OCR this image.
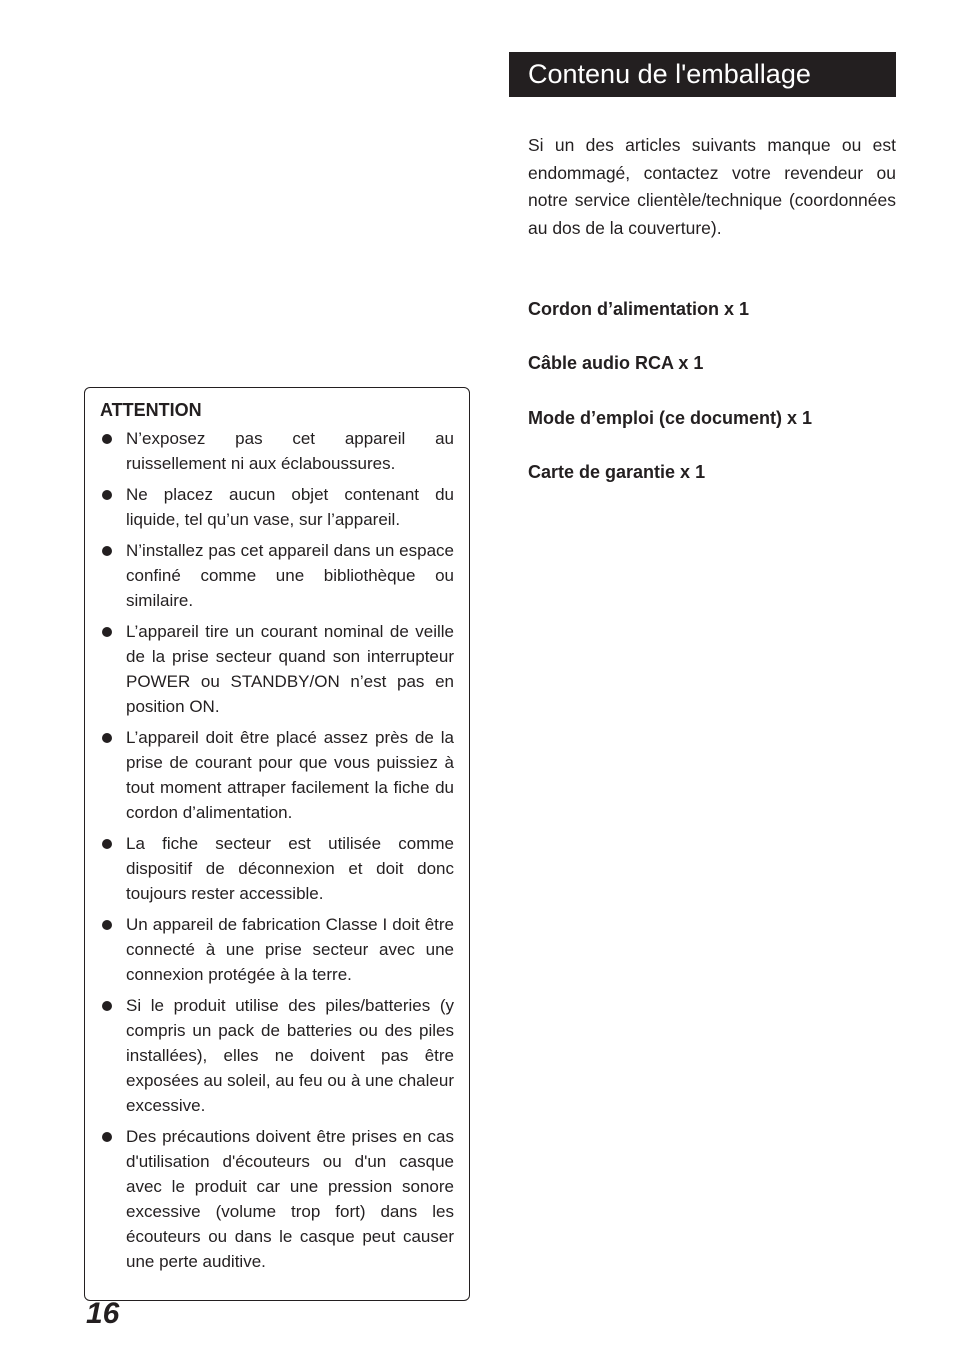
Contenu de l'emballage

Si un des articles suivants manque ou est endommagé, contactez votre revendeur ou notre service clientèle/technique (coordonnées au dos de la couverture).

Cordon d’alimentation x 1
Câble audio RCA x 1
Mode d’emploi (ce document) x 1
Carte de garantie x 1
ATTENTION
N’exposez pas cet appareil au ruissellement ni aux éclaboussures.
Ne placez aucun objet contenant du liquide, tel qu’un vase, sur l’appareil.
N’installez pas cet appareil dans un espace confiné comme une bibliothèque ou similaire.
L’appareil tire un courant nominal de veille de la prise secteur quand son interrupteur POWER ou STANDBY/ON n’est pas en position ON.
L’appareil doit être placé assez près de la prise de courant pour que vous puissiez à tout moment attraper facilement la fiche du cordon d’alimentation.
La fiche secteur est utilisée comme dispositif de déconnexion et doit donc toujours rester accessible.
Un appareil de fabrication Classe I doit être connecté à une prise secteur avec une connexion protégée à la terre.
Si le produit utilise des piles/batteries (y compris un pack de batteries ou des piles installées), elles ne doivent pas être exposées au soleil, au feu ou à une chaleur excessive.
Des précautions doivent être prises en cas d'utilisation d'écouteurs ou d'un casque avec le produit car une pression sonore excessive (volume trop fort) dans les écouteurs ou dans le casque peut causer une perte auditive.
16
